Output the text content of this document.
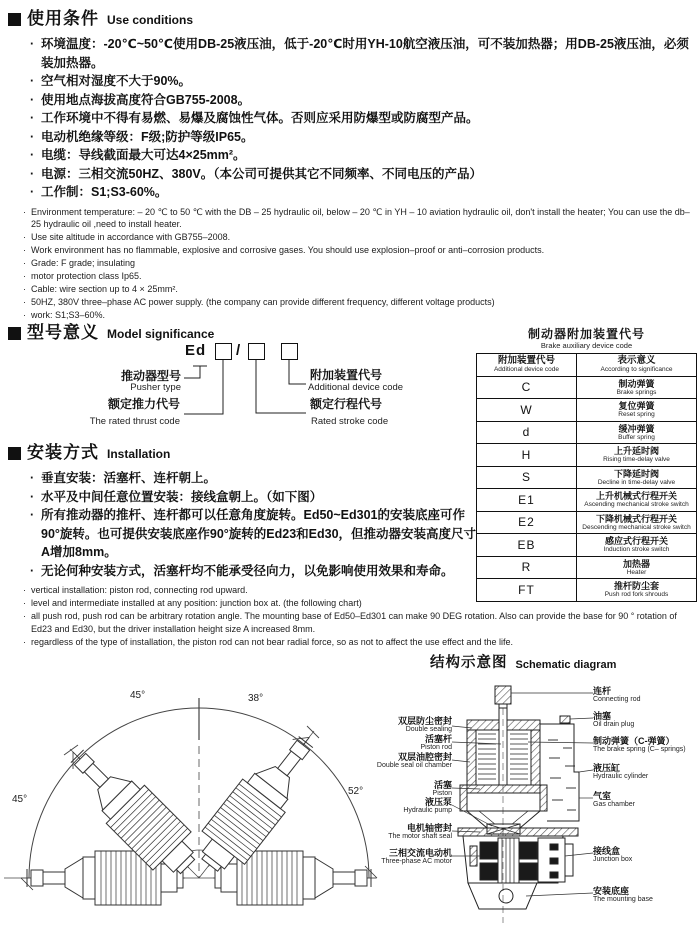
使用条件 Use conditions
· 环境温度：-20℃~50℃使用DB-25液压油，低于-20℃时用YH-10航空液压油，可不装加热器；用DB-25液压油，必须装加热器。
· 空气相对湿度不大于90%。
· 使用地点海拔高度符合GB755-2008。
· 工作环境中不得有易燃、易爆及腐蚀性气体。否则应采用防爆型或防腐型产品。
· 电动机绝缘等级：F级;防护等级IP65。
· 电缆：导线截面最大可达4×25mm²。
· 电源：三相交流50HZ、380V。（本公司可提供其它不同频率、不同电压的产品）
· 工作制：S1;S3-60%。
· Environment temperature: – 20 ℃ to 50 ℃ with the DB – 25 hydraulic oil, below – 20 ℃ in YH – 10 aviation hydraulic oil, don't install the heater; You can use the db–25 hydraulic oil ,need to install heater.
· Use site altitude in accordance with GB755–2008.
· Work environment has no flammable, explosive and corrosive gases. You should use explosion–proof or anti–corrosion products.
· Grade: F grade; insulating
· motor protection class Ip65.
· Cable: wire section up to 4 × 25mm².
· 50HZ, 380V three–phase AC power supply. (the company can provide different frequency, different voltage products)
· work: S1;S3–60%.
型号意义 Model significance
Ed /
推动器型号
Pusher type
额定推力代号
The rated thrust code
额定行程代号
Rated stroke code
附加装置代号
Additional device code
制动器附加装置代号
Brake auxiliary device code
附加装置代号
Additional device code
表示意义
According to significance
C	制动弹簧
Brake springs
W	复位弹簧
Reset spring
d	缓冲弹簧
Buffer spring
H	上升延时阀
Rising time-delay valve
S	下降延时阀
Decline in time-delay valve
E1	上升机械式行程开关
Ascending mechanical stroke switch
E2	下降机械式行程开关
Descending mechanical stroke switch
EB	感应式行程开关
Induction stroke switch
R	加热器
Heater
FT	推杆防尘套
Push rod fork shrouds
安装方式 Installation
· 垂直安装：活塞杆、连杆朝上。
· 水平及中间任意位置安装：接线盒朝上。（如下图）
· 所有推动器的推杆、连杆都可以任意角度旋转。Ed50~Ed301的安装底座可作90°旋转。也可提供安装底座作90°旋转的Ed23和Ed30，但推动器安装高度尺寸A增加8mm。
· 无论何种安装方式，活塞杆均不能承受径向力，以免影响使用效果和寿命。
· vertical installation: piston rod, connecting rod upward.
· level and intermediate installed at any position: junction box at. (the following chart)
· all push rod, push rod can be arbitrary rotation angle. The mounting base of Ed50–Ed301 can make 90 DEG rotation. Also can provide the base for 90 ° rotation of Ed23 and Ed30, but the driver installation height size A increased 8mm.
· regardless of the type of installation, the piston rod can not bear radial force, so as not to affect the use effect and the life.
结构示意图 Schematic diagram
45°	38°
45°
52°
双层防尘密封
Double sealing
活塞杆
Piston rod
双层油腔密封
Double seal oil chamber
活塞
Piston
液压泵
Hydraulic pump
电机轴密封
The motor shaft seal
三相交流电动机
Three-phase AC motor
连杆
Connecting rod
油塞
Oil drain plug
制动弹簧（C-弹簧）
The brake spring (C– springs)
液压缸
Hydraulic cylinder
气室
Gas chamber
接线盒
Junction box
安装底座
The mounting base
